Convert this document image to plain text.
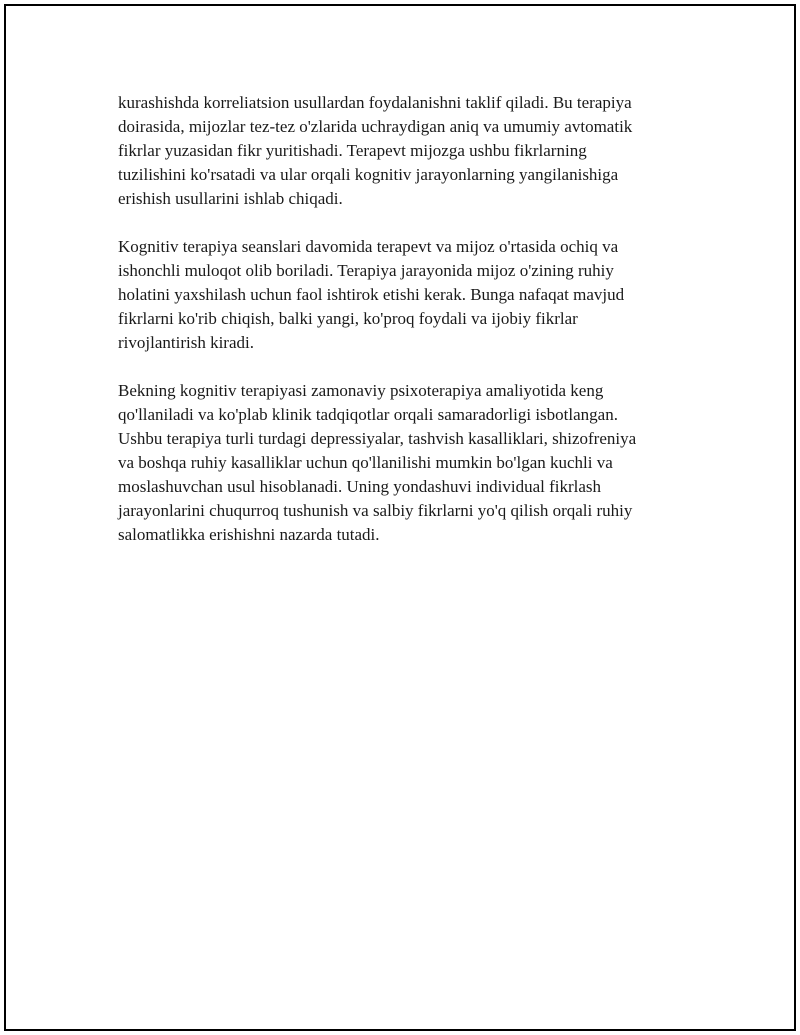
kurashishda korreliatsion usullardan foydalanishni taklif qiladi. Bu terapiya
doirasida, mijozlar tez-tez o'zlarida uchraydigan aniq va umumiy avtomatik
fikrlar yuzasidan fikr yuritishadi. Terapevt mijozga ushbu fikrlarning
tuzilishini ko'rsatadi va ular orqali kognitiv jarayonlarning yangilanishiga
erishish usullarini ishlab chiqadi.

Kognitiv terapiya seanslari davomida terapevt va mijoz o'rtasida ochiq va
ishonchli muloqot olib boriladi. Terapiya jarayonida mijoz o'zining ruhiy
holatini yaxshilash uchun faol ishtirok etishi kerak. Bunga nafaqat mavjud
fikrlarni ko'rib chiqish, balki yangi, ko'proq foydali va ijobiy fikrlar
rivojlantirish kiradi.

Bekning kognitiv terapiyasi zamonaviy psixoterapiya amaliyotida keng
qo'llaniladi va ko'plab klinik tadqiqotlar orqali samaradorligi isbotlangan.
Ushbu terapiya turli turdagi depressiyalar, tashvish kasalliklari, shizofreniya
va boshqa ruhiy kasalliklar uchun qo'llanilishi mumkin bo'lgan kuchli va
moslashuvchan usul hisoblanadi. Uning yondashuvi individual fikrlash
jarayonlarini chuqurroq tushunish va salbiy fikrlarni yo'q qilish orqali ruhiy
salomatlikka erishishni nazarda tutadi.
